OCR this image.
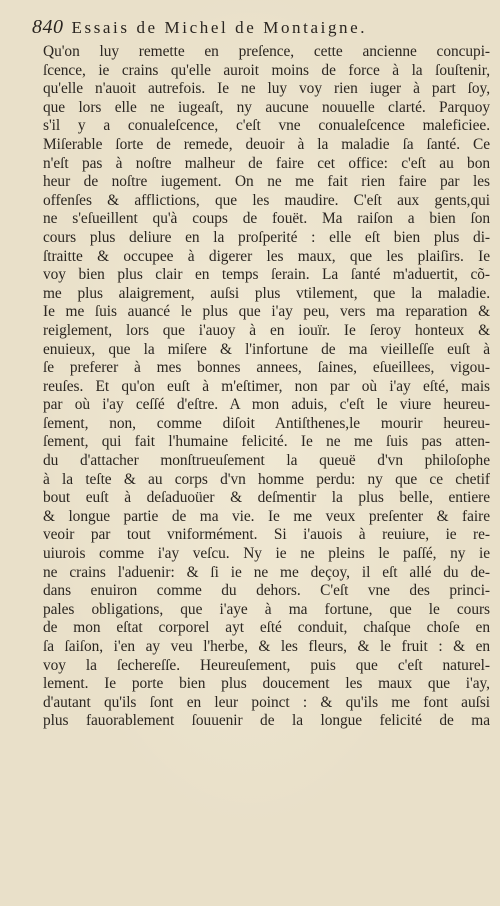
840 Essais de Michel de Montaigne.
Qu'on luy remette en preſence, cette ancienne concupi-
ſcence, ie crains qu'elle auroit moins de force à la ſouſtenir,
qu'elle n'auoit autrefois. Ie ne luy voy rien iuger à part ſoy,
que lors elle ne iugeaſt, ny aucune nouuelle clarté. Parquoy
s'il y a conualeſcence, c'eſt vne conualeſcence maleficiee.
Miſerable ſorte de remede, deuoir à la maladie ſa ſanté. Ce
n'eſt pas à noſtre malheur de faire cet office: c'eſt au bon
heur de noſtre iugement. On ne me fait rien faire par les
offenſes & afflictions, que les maudire. C'eſt aux gents,qui
ne s'eſueillent qu'à coups de fouët. Ma raiſon a bien ſon
cours plus deliure en la proſperité : elle eſt bien plus di-
ſtraitte & occupee à digerer les maux, que les plaiſirs. Ie
voy bien plus clair en temps ſerain. La ſanté m'aduertit, cõ-
me plus alaigrement, auſsi plus vtilement, que la maladie.
Ie me ſuis auancé le plus que i'ay peu, vers ma reparation &
reiglement, lors que i'auoy à en iouïr. Ie ſeroy honteux &
enuieux, que la miſere & l'infortune de ma vieilleſſe euſt à
ſe preferer à mes bonnes annees, ſaines, eſueillees, vigou-
reuſes. Et qu'on euſt à m'eſtimer, non par où i'ay eſté, mais
par où i'ay ceſſé d'eſtre. A mon aduis, c'eſt le viure heureu-
ſement, non, comme diſoit Antiſthenes,le mourir heureu-
ſement, qui fait l'humaine felicité. Ie ne me ſuis pas atten-
du d'attacher monſtrueuſement la queuë d'vn philoſophe
à la teſte & au corps d'vn homme perdu: ny que ce chetif
bout euſt à deſaduoüer & deſmentir la plus belle, entiere
& longue partie de ma vie. Ie me veux preſenter & faire
veoir par tout vniformément. Si i'auois à reuiure, ie re-
uiurois comme i'ay veſcu. Ny ie ne pleins le paſſé, ny ie
ne crains l'aduenir: & ſi ie ne me deçoy, il eſt allé du de-
dans enuiron comme du dehors. C'eſt vne des princi-
pales obligations, que i'aye à ma fortune, que le cours
de mon eſtat corporel ayt eſté conduit, chaſque choſe en
ſa ſaiſon, i'en ay veu l'herbe, & les fleurs, & le fruit : & en
voy la ſechereſſe. Heureuſement, puis que c'eſt naturel-
lement. Ie porte bien plus doucement les maux que i'ay,
d'autant qu'ils ſont en leur poinct : & qu'ils me font auſsi
plus fauorablement ſouuenir de la longue felicité de ma
